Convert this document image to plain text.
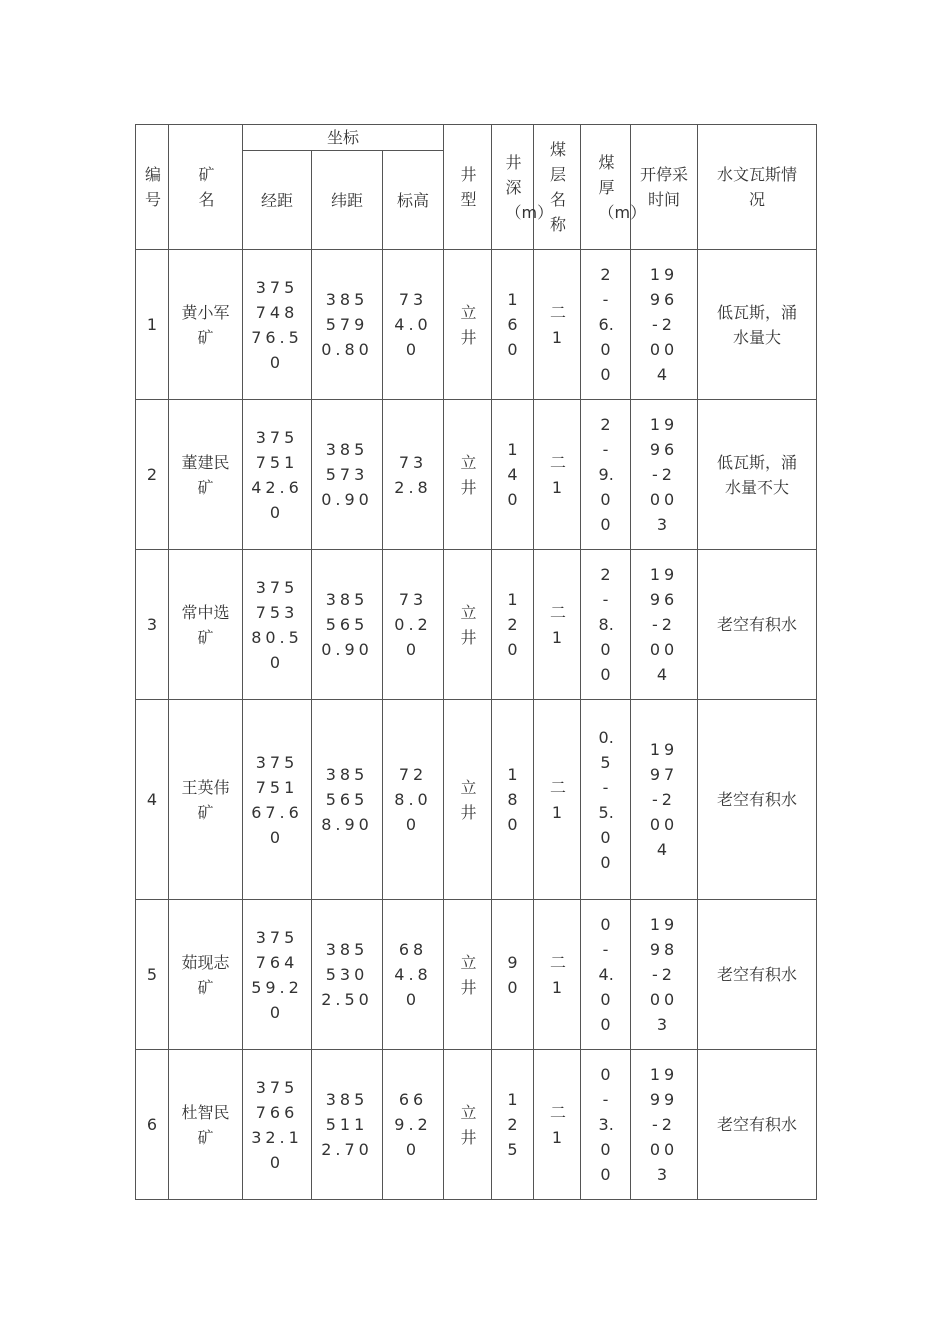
编号	矿名	坐标			井型	井深（m）	煤层名称	煤厚（m）	开停采时间	水文瓦斯情况
		经距	纬距	标高						
1	黄小军矿	37574876.50	3855790.80	734.00	立井	160	二1	2-6.00	1996-2004	低瓦斯，涌水量大
2	董建民矿	37575142.60	3855730.90	732.8	立井	140	二1	2-9.00	1996-2003	低瓦斯，涌水量不大
3	常中选矿	37575380.50	3855650.90	730.20	立井	120	二1	2-8.00	1996-2004	老空有积水
4	王英伟矿	37575167.60	3855658.90	728.00	立井	180	二1	0.5-5.00	1997-2004	老空有积水
5	茹现志矿	37576459.20	3855302.50	684.80	立井	90	二1	0-4.00	1998-2003	老空有积水
6	杜智民矿	37576632.10	3855112.70	669.20	立井	125	二1	0-3.00	1999-2003	老空有积水
